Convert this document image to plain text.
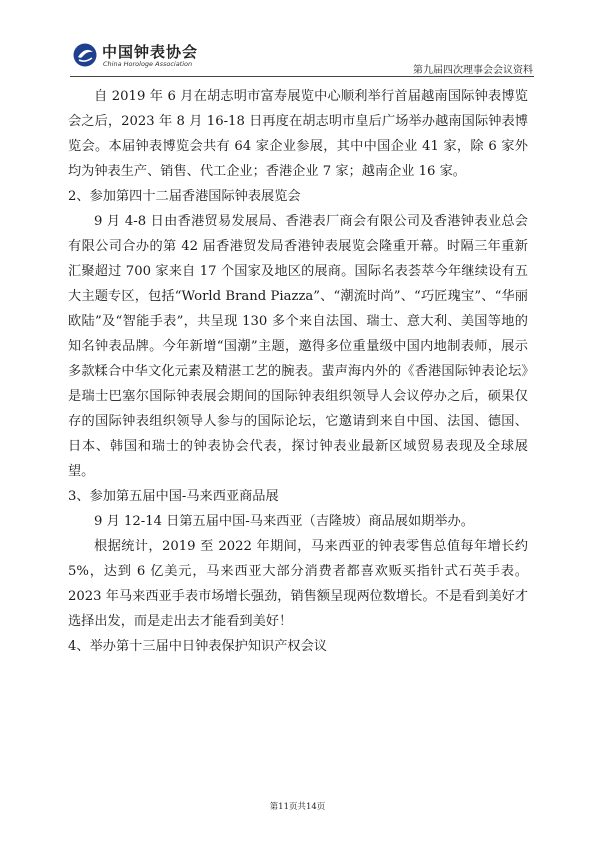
中国钟表协会
China Horologe Association
第九届四次理事会会议资料

自 2019 年 6 月在胡志明市富寿展览中心顺利举行首届越南国际钟表博览会之后，2023 年 8 月 16-18 日再度在胡志明市皇后广场举办越南国际钟表博览会。本届钟表博览会共有 64 家企业参展，其中中国企业 41 家，除 6 家外均为钟表生产、销售、代工企业；香港企业 7 家；越南企业 16 家。

2、参加第四十二届香港国际钟表展览会

9 月 4-8 日由香港贸易发展局、香港表厂商会有限公司及香港钟表业总会有限公司合办的第 42 届香港贸发局香港钟表展览会隆重开幕。时隔三年重新汇聚超过 700 家来自 17 个国家及地区的展商。国际名表荟萃今年继续设有五大主题专区，包括“World Brand Piazza”、“潮流时尚”、“巧匠瑰宝”、“华丽欧陆”及“智能手表”，共呈现 130 多个来自法国、瑞士、意大利、美国等地的知名钟表品牌。今年新增“国潮”主题，邀得多位重量级中国内地制表师，展示多款糅合中华文化元素及精湛工艺的腕表。蜚声海内外的《香港国际钟表论坛》是瑞士巴塞尔国际钟表展会期间的国际钟表组织领导人会议停办之后，硕果仅存的国际钟表组织领导人参与的国际论坛，它邀请到来自中国、法国、德国、日本、韩国和瑞士的钟表协会代表，探讨钟表业最新区域贸易表现及全球展望。

3、参加第五届中国-马来西亚商品展

9 月 12-14 日第五届中国-马来西亚（吉隆坡）商品展如期举办。

根据统计，2019 至 2022 年期间，马来西亚的钟表零售总值每年增长约 5%，达到 6 亿美元，马来西亚大部分消费者都喜欢贩买指针式石英手表。2023 年马来西亚手表市场增长强劲，销售额呈现两位数增长。不是看到美好才选择出发，而是走出去才能看到美好！

4、举办第十三届中日钟表保护知识产权会议

第11页共14页
